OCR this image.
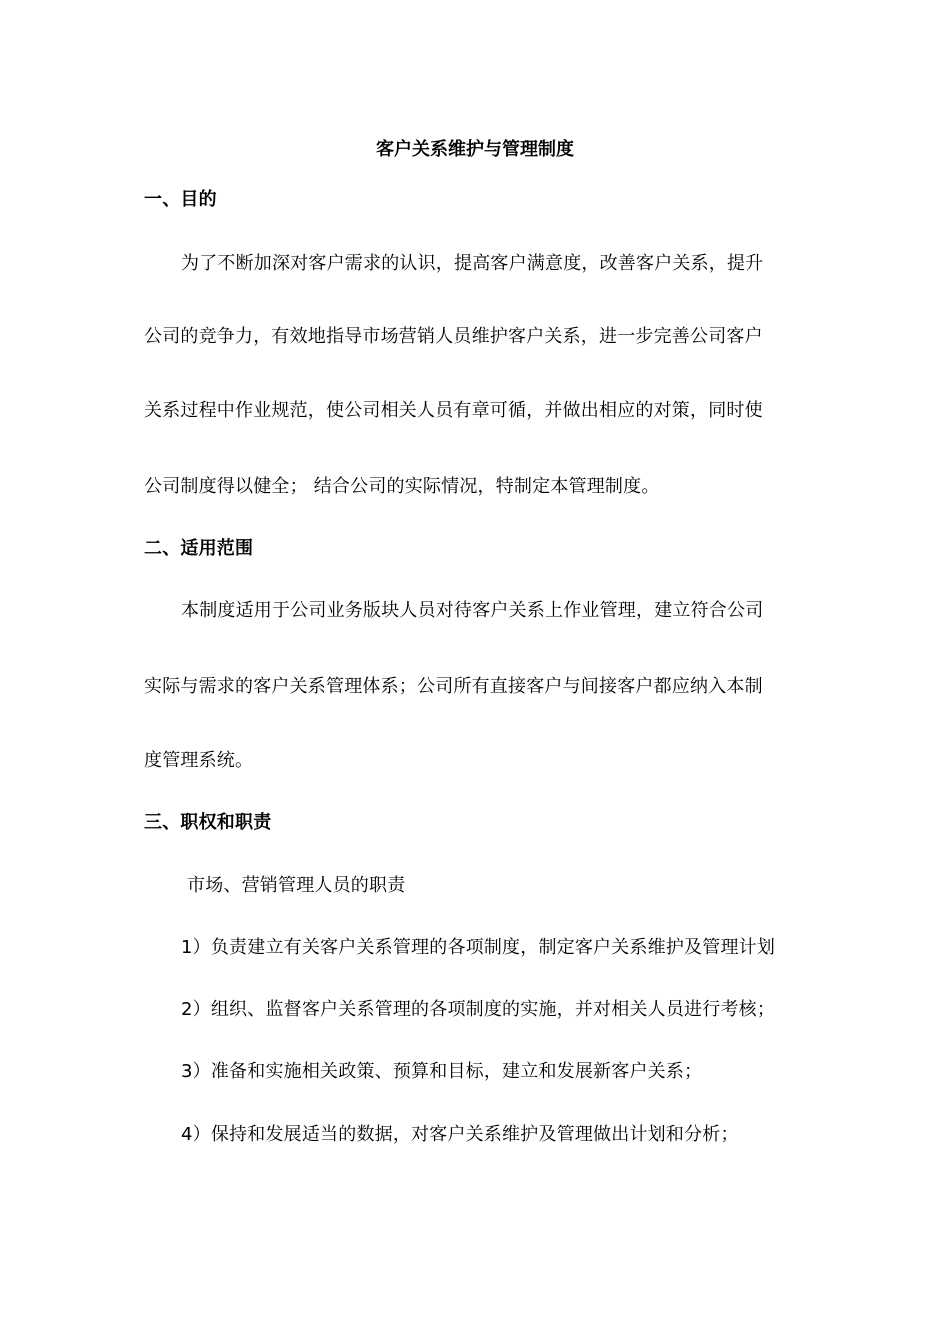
客户关系维护与管理制度
一、目的
为了不断加深对客户需求的认识，提高客户满意度，改善客户关系，提升
公司的竞争力，有效地指导市场营销人员维护客户关系，进一步完善公司客户
关系过程中作业规范，使公司相关人员有章可循，并做出相应的对策，同时使
公司制度得以健全； 结合公司的实际情况，特制定本管理制度。
二、适用范围
本制度适用于公司业务版块人员对待客户关系上作业管理，建立符合公司
实际与需求的客户关系管理体系；公司所有直接客户与间接客户都应纳入本制
度管理系统。
三、职权和职责
市场、营销管理人员的职责
1）负责建立有关客户关系管理的各项制度，制定客户关系维护及管理计划
2）组织、监督客户关系管理的各项制度的实施，并对相关人员进行考核；
3）准备和实施相关政策、预算和目标，建立和发展新客户关系；
4）保持和发展适当的数据，对客户关系维护及管理做出计划和分析；
